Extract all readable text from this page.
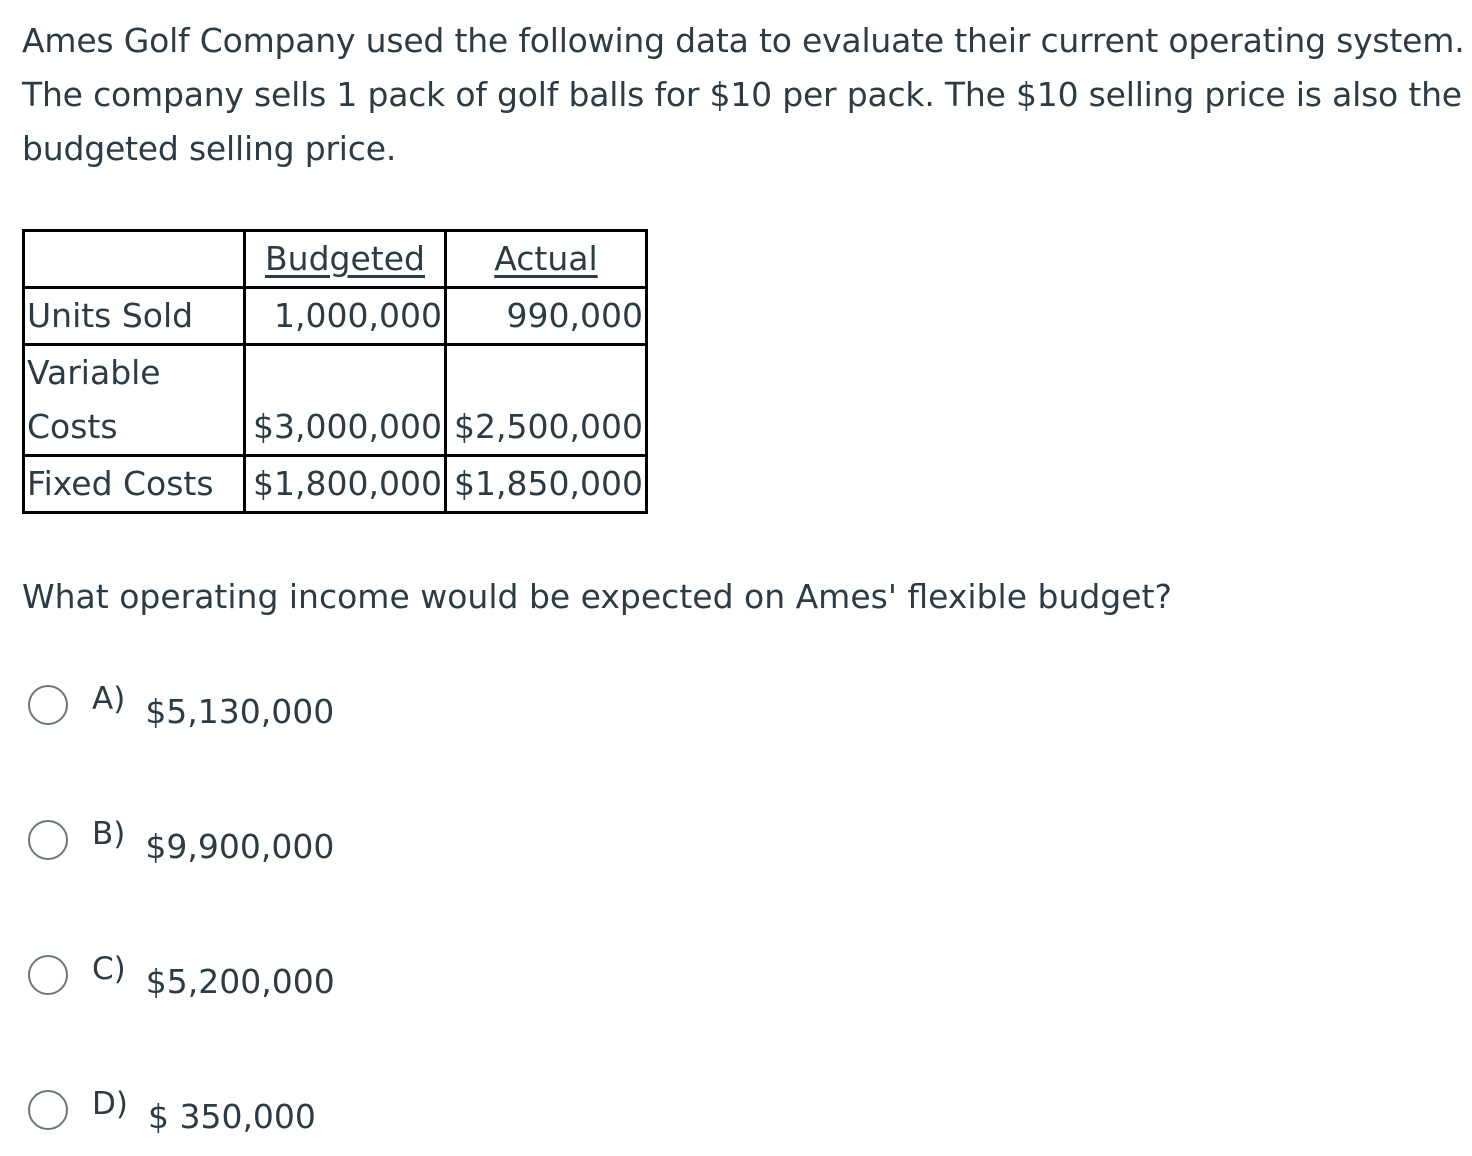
Ames Golf Company used the following data to evaluate their current operating system. The company sells 1 pack of golf balls for $10 per pack. The $10 selling price is also the budgeted selling price.

	Budgeted	Actual
Units Sold	1,000,000	990,000
Variable Costs	$3,000,000	$2,500,000
Fixed Costs	$1,800,000	$1,850,000

What operating income would be expected on Ames' flexible budget?

A) $5,130,000
B) $9,900,000
C) $5,200,000
D) $ 350,000
